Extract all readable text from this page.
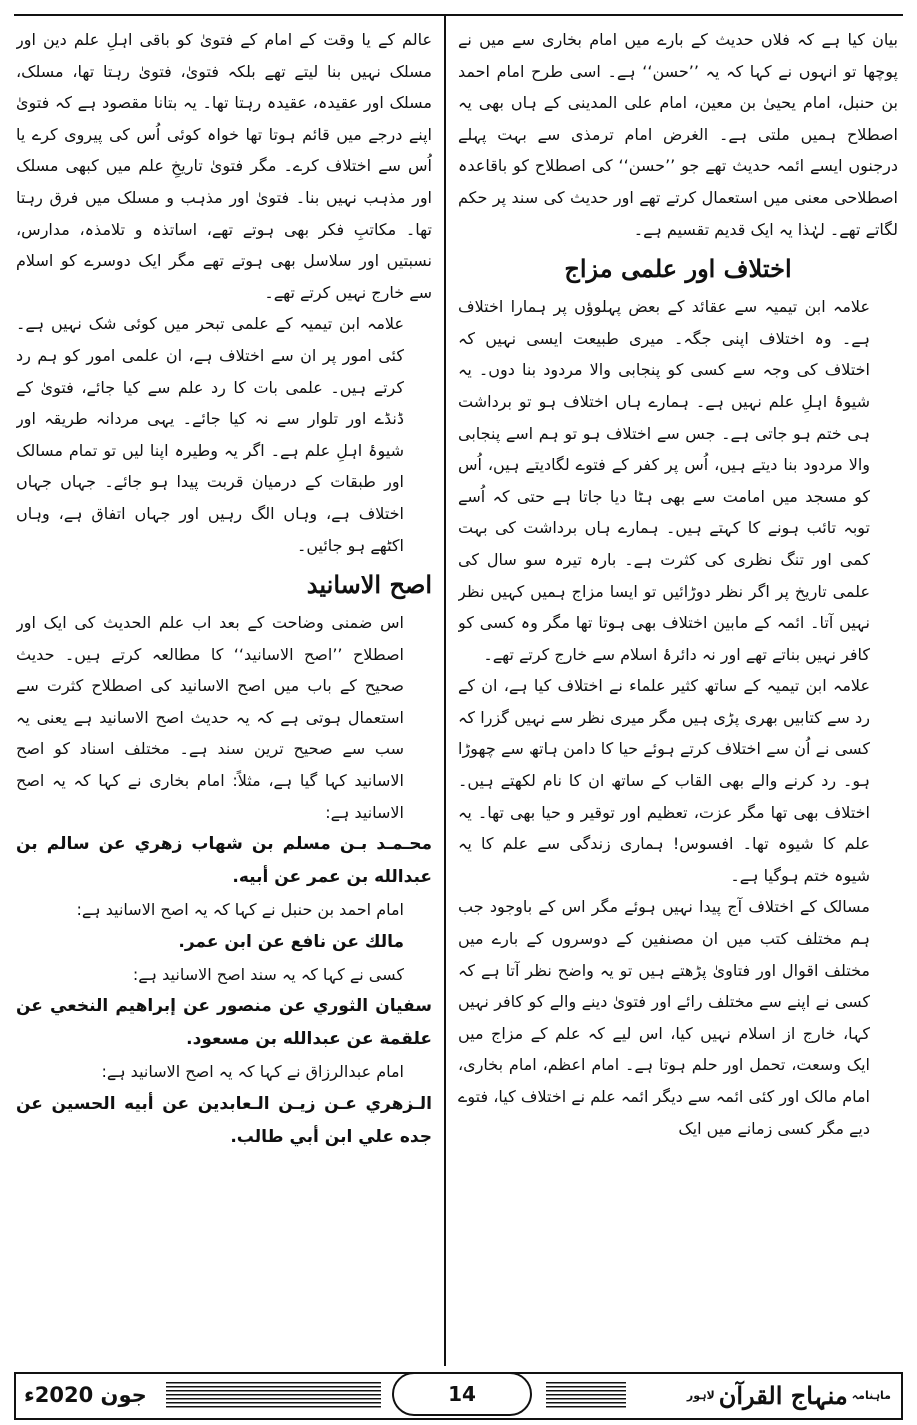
بیان کیا ہے کہ فلاں حدیث کے بارے میں امام بخاری سے میں نے پوچھا تو انہوں نے کہا کہ یہ ’’حسن‘‘ ہے۔ اسی طرح امام احمد بن حنبل، امام یحییٰ بن معین، امام علی المدینی کے ہاں بھی یہ اصطلاح ہمیں ملتی ہے۔ الغرض امام ترمذی سے بہت پہلے درجنوں ایسے ائمہ حدیث تھے جو ’’حسن‘‘ کی اصطلاح کو باقاعدہ اصطلاحی معنی میں استعمال کرتے تھے اور حدیث کی سند پر حکم لگاتے تھے۔ لہٰذا یہ ایک قدیم تقسیم ہے۔

اختلاف اور علمی مزاج

علامہ ابن تیمیہ سے عقائد کے بعض پہلوؤں پر ہمارا اختلاف ہے۔ وہ اختلاف اپنی جگہ۔ میری طبیعت ایسی نہیں کہ اختلاف کی وجہ سے کسی کو پنجابی والا مردود بنا دوں۔ یہ شیوۂ اہلِ علم نہیں ہے۔ ہمارے ہاں اختلاف ہو تو برداشت ہی ختم ہو جاتی ہے۔ جس سے اختلاف ہو تو ہم اسے پنجابی والا مردود بنا دیتے ہیں، اُس پر کفر کے فتوے لگادیتے ہیں، اُس کو مسجد میں امامت سے بھی ہٹا دیا جاتا ہے حتی کہ اُسے توبہ تائب ہونے کا کہتے ہیں۔ ہمارے ہاں برداشت کی بہت کمی اور تنگ نظری کی کثرت ہے۔ بارہ تیرہ سو سال کی علمی تاریخ پر اگر نظر دوڑائیں تو ایسا مزاج ہمیں کہیں نظر نہیں آتا۔ ائمہ کے مابین اختلاف بھی ہوتا تھا مگر وہ کسی کو کافر نہیں بناتے تھے اور نہ دائرۂ اسلام سے خارج کرتے تھے۔

علامہ ابن تیمیہ کے ساتھ کثیر علماء نے اختلاف کیا ہے، ان کے رد سے کتابیں بھری پڑی ہیں مگر میری نظر سے نہیں گزرا کہ کسی نے اُن سے اختلاف کرتے ہوئے حیا کا دامن ہاتھ سے چھوڑا ہو۔ رد کرنے والے بھی القاب کے ساتھ ان کا نام لکھتے ہیں۔ اختلاف بھی تھا مگر عزت، تعظیم اور توقیر و حیا بھی تھا۔ یہ علم کا شیوہ تھا۔ افسوس! ہماری زندگی سے علم کا یہ شیوہ ختم ہوگیا ہے۔

مسالک کے اختلاف آج پیدا نہیں ہوئے مگر اس کے باوجود جب ہم مختلف کتب میں ان مصنفین کے دوسروں کے بارے میں مختلف اقوال اور فتاویٰ پڑھتے ہیں تو یہ واضح نظر آتا ہے کہ کسی نے اپنے سے مختلف رائے اور فتویٰ دینے والے کو کافر نہیں کہا، خارج از اسلام نہیں کیا، اس لیے کہ علم کے مزاج میں ایک وسعت، تحمل اور حلم ہوتا ہے۔ امام اعظم، امام بخاری، امام مالک اور کئی ائمہ سے دیگر ائمہ علم نے اختلاف کیا، فتوے دیے مگر کسی زمانے میں ایک

عالم کے یا وقت کے امام کے فتویٰ کو باقی اہلِ علم دین اور مسلک نہیں بنا لیتے تھے بلکہ فتویٰ، فتویٰ رہتا تھا، مسلک، مسلک اور عقیدہ، عقیدہ رہتا تھا۔ یہ بتانا مقصود ہے کہ فتویٰ اپنے درجے میں قائم ہوتا تھا خواہ کوئی اُس کی پیروی کرے یا اُس سے اختلاف کرے۔ مگر فتویٰ تاریخِ علم میں کبھی مسلک اور مذہب نہیں بنا۔ فتویٰ اور مذہب و مسلک میں فرق رہتا تھا۔ مکاتبِ فکر بھی ہوتے تھے، اساتذہ و تلامذہ، مدارس، نسبتیں اور سلاسل بھی ہوتے تھے مگر ایک دوسرے کو اسلام سے خارج نہیں کرتے تھے۔

علامہ ابن تیمیہ کے علمی تبحر میں کوئی شک نہیں ہے۔ کئی امور پر ان سے اختلاف ہے، ان علمی امور کو ہم رد کرتے ہیں۔ علمی بات کا رد علم سے کیا جائے، فتویٰ کے ڈنڈے اور تلوار سے نہ کیا جائے۔ یہی مردانہ طریقہ اور شیوۂ اہلِ علم ہے۔ اگر یہ وطیرہ اپنا لیں تو تمام مسالک اور طبقات کے درمیان قربت پیدا ہو جائے۔ جہاں جہاں اختلاف ہے، وہاں الگ رہیں اور جہاں اتفاق ہے، وہاں اکٹھے ہو جائیں۔

اصح الاسانید

اس ضمنی وضاحت کے بعد اب علم الحدیث کی ایک اور اصطلاح ’’اصح الاسانید‘‘ کا مطالعہ کرتے ہیں۔ حدیث صحیح کے باب میں اصح الاسانید کی اصطلاح کثرت سے استعمال ہوتی ہے کہ یہ حدیث اصح الاسانید ہے یعنی یہ سب سے صحیح ترین سند ہے۔ مختلف اسناد کو اصح الاسانید کہا گیا ہے، مثلاً: امام بخاری نے کہا کہ یہ اصح الاسانید ہے:

محـمـد بـن مسلم بن شهاب زهري عن سالم بن عبدالله بن عمر عن أبيه.

امام احمد بن حنبل نے کہا کہ یہ اصح الاسانید ہے:

مالك عن نافع عن ابن عمر.

کسی نے کہا کہ یہ سند اصح الاسانید ہے:

سفيان الثوري عن منصور عن إبراهيم النخعي عن علقمة عن عبدالله بن مسعود.

امام عبدالرزاق نے کہا کہ یہ اصح الاسانید ہے:

الـزهري عـن زيـن الـعابدين عن أبيه الحسين عن جده علي ابن أبي طالب.

جون 2020ء	14	ماہنامہ
منہاج القرآن
لاہور
